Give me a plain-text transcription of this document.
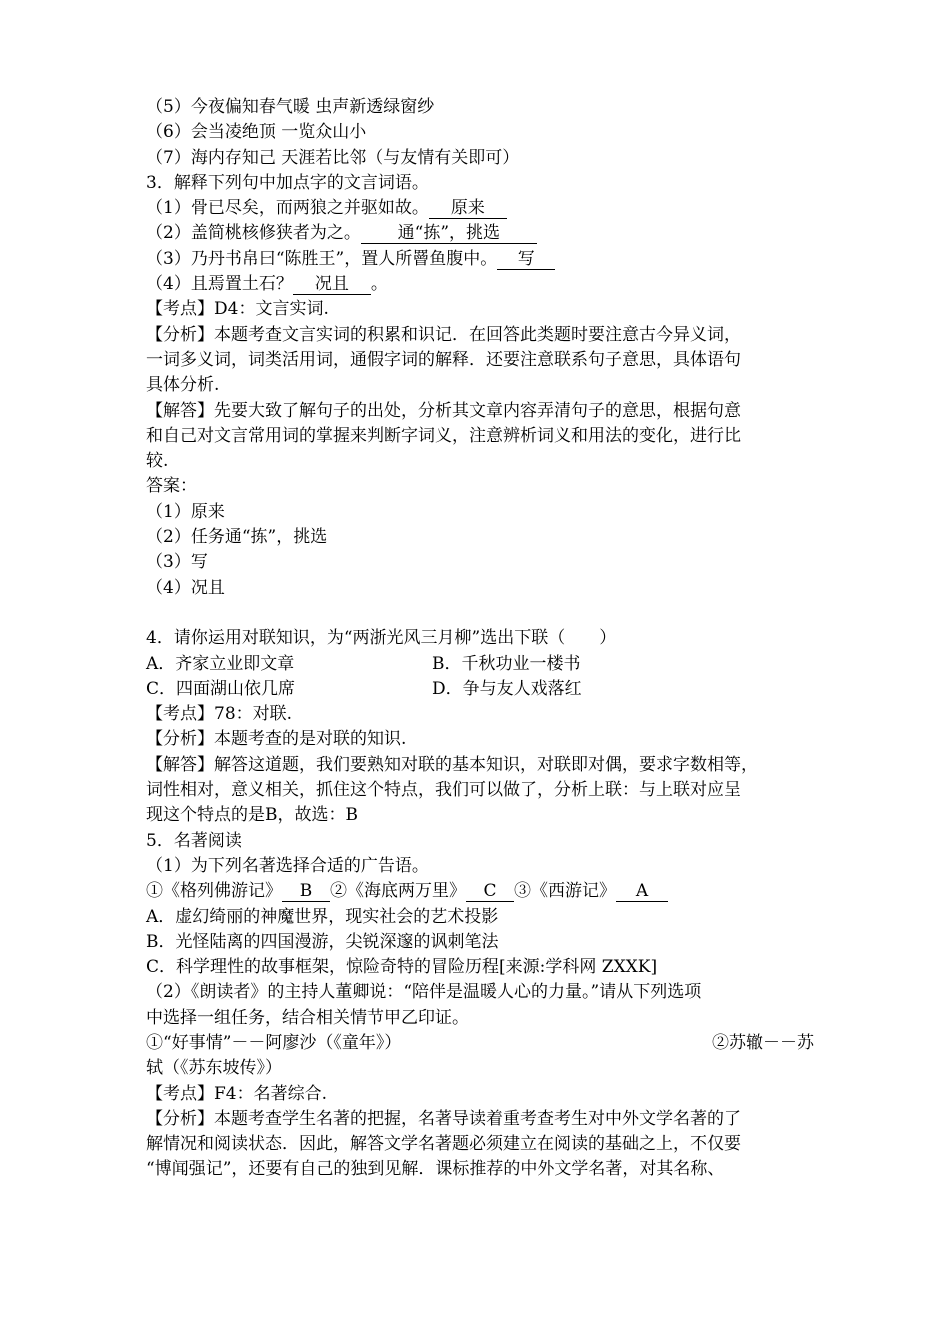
（5）今夜偏知春气暖 虫声新透绿窗纱
（6）会当凌绝顶 一览众山小
（7）海内存知己 天涯若比邻（与友情有关即可）
3．解释下列句中加点字的文言词语。
（1）骨已尽矣，而两狼之并驱如故。 原来
（2）盖简桃核修狭者为之。 通“拣”，挑选
（3）乃丹书帛曰“陈胜王”，置人所罾鱼腹中。 写
（4）且焉置土石？ 况且 。
【考点】D4：文言实词.
【分析】本题考查文言实词的积累和识记．在回答此类题时要注意古今异义词，
一词多义词，词类活用词，通假字词的解释．还要注意联系句子意思，具体语句
具体分析.
【解答】先要大致了解句子的出处，分析其文章内容弄清句子的意思，根据句意
和自己对文言常用词的掌握来判断字词义，注意辨析词义和用法的变化，进行比
较.
答案：
（1）原来
（2）任务通“拣”，挑选
（3）写
（4）况且
4．请你运用对联知识，为“两浙光风三月柳”选出下联（　　）
A．齐家立业即文章	B．千秋功业一楼书
C．四面湖山依几席	D．争与友人戏落红
【考点】78：对联.
【分析】本题考查的是对联的知识.
【解答】解答这道题，我们要熟知对联的基本知识，对联即对偶，要求字数相等，
词性相对，意义相关，抓住这个特点，我们可以做了，分析上联：与上联对应呈
现这个特点的是B，故选：B
5．名著阅读
（1）为下列名著选择合适的广告语。
①《格列佛游记》 B ②《海底两万里》 C ③《西游记》 A
A．虚幻绮丽的神魔世界，现实社会的艺术投影
B．光怪陆离的四国漫游，尖锐深邃的讽刺笔法
C．科学理性的故事框架，惊险奇特的冒险历程[来源:学科网 ZXXK]
（2）《朗读者》的主持人董卿说：“陪伴是温暖人心的力量。”请从下列选项
中选择一组任务，结合相关情节甲乙印证。
①“好事情”－－阿廖沙（《童年》）	②苏辙－－苏
轼（《苏东坡传》）
【考点】F4：名著综合.
【分析】本题考查学生名著的把握，名著导读着重考查考生对中外文学名著的了
解情况和阅读状态．因此，解答文学名著题必须建立在阅读的基础之上，不仅要
“博闻强记”，还要有自己的独到见解．课标推荐的中外文学名著，对其名称、
